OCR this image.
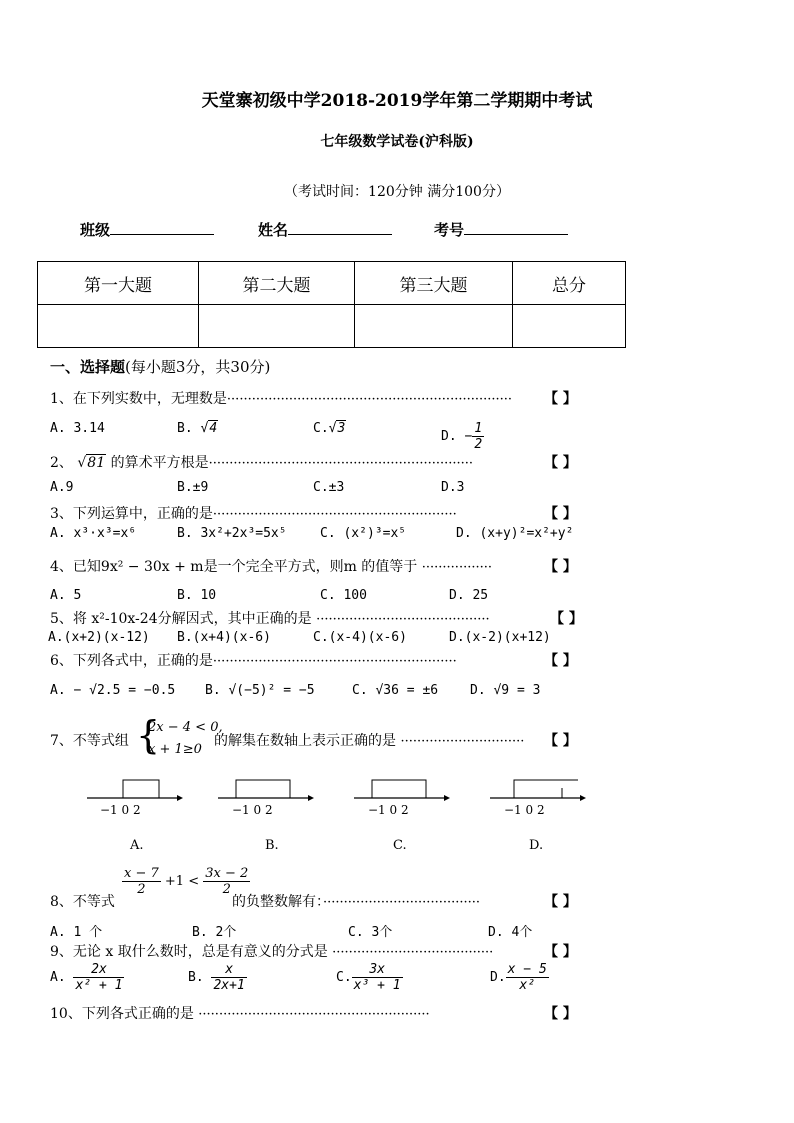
天堂寨初级中学2018-2019学年第二学期期中考试
七年级数学试卷(沪科版)
（考试时间：120分钟 满分100分）
班级	姓名	考号
第一大题	第二大题	第三大题	总分

一、选择题(每小题3分，共30分)
1、在下列实数中，无理数是····································································· 【 】
A. 3.14	B. √4	C.√3
D. − $\frac{1}{2}$
2、 √81 的算术平方根是································································	【 】
A.9	B.±9	C.±3	D.3
3、下列运算中，正确的是···························································	【 】
A. x³·x³=x⁶	B. 3x²+2x³=5x⁵	C. (x²)³=x⁵	D. (x+y)²=x²+y²
4、已知9x² − 30x + m是一个完全平方式，则m 的值等于 ·················	【 】
A. 5	B. 10	C. 100	D. 25
5、将 x²-10x-24分解因式，其中正确的是 ··········································	【 】
A.(x+2)(x-12) B.(x+4)(x-6)	C.(x-4)(x-6)	D.(x-2)(x+12)
6、下列各式中，正确的是···························································	【 】
A. − √2.5 = −0.5 B. √(−5)² = −5	C. √36 = ±6 D. √9 = 3
7、不等式组 {
2x − 4 < 0,
x + 1≥0
的解集在数轴上表示正确的是 ······························ 【 】
−1 0 2	−1 0 2	−1 0 2	−1 0 2
A.	B.	C.	D.
8、不等式
$\frac{x - 7}{2} +1 < \frac{3x - 2}{2}$
的负整数解有：······································	【 】
A. 1 个	B. 2个	C. 3个	D. 4个
9、无论 x 取什么数时，总是有意义的分式是 ·······································	【 】
A. $\frac{2x}{\text{x² + 1}}$	B. $\frac{x}{2x+1}$	C. $\frac{3x}{\text{x³ + 1}}$	D. $\frac{x - 5}{\text{x²}}$
10、下列各式正确的是 ························································	【 】
